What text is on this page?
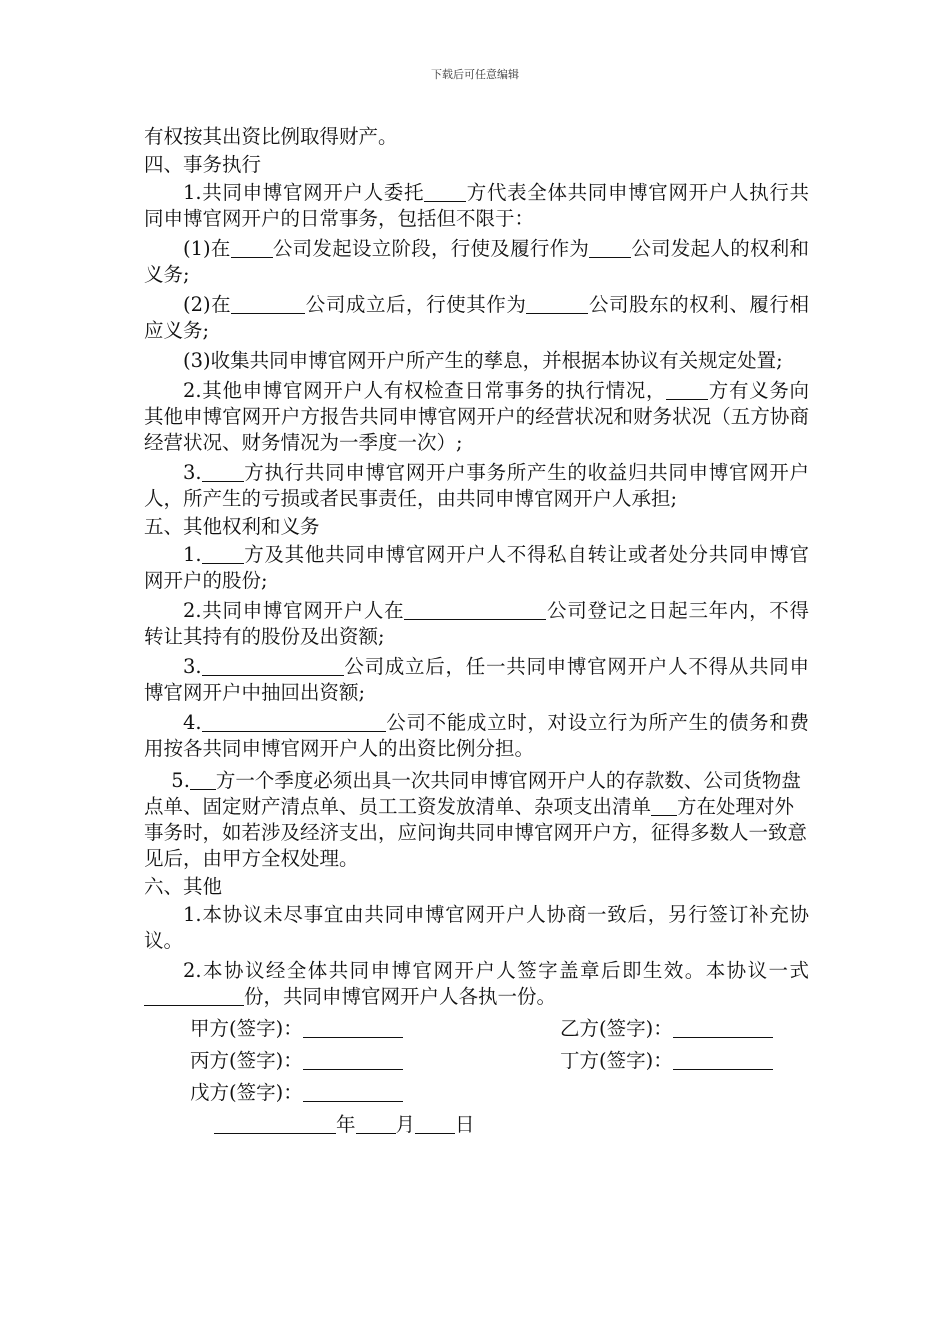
下载后可任意编辑

有权按其出资比例取得财产。

四、事务执行

1.共同申博官网开户人委托 方代表全体共同申博官网开户人执行共同申博官网开户的日常事务，包括但不限于：

(1)在 公司发起设立阶段，行使及履行作为 公司发起人的权利和义务;

(2)在	公司成立后，行使其作为	公司股东的权利、履行相应义务;

(3)收集共同申博官网开户所产生的孳息，并根据本协议有关规定处置;

2.其他申博官网开户人有权检查日常事务的执行情况， 方有义务向其他申博官网开户方报告共同申博官网开户的经营状况和财务状况（五方协商经营状况、财务情况为一季度一次）;

3. 方执行共同申博官网开户事务所产生的收益归共同申博官网开户人，所产生的亏损或者民事责任，由共同申博官网开户人承担;

五、其他权利和义务

1. 方及其他共同申博官网开户人不得私自转让或者处分共同申博官网开户的股份;

2.共同申博官网开户人在	公司登记之日起三年内，不得转让其持有的股份及出资额;

3.	公司成立后，任一共同申博官网开户人不得从共同申博官网开户中抽回出资额;

4.	公司不能成立时，对设立行为所产生的债务和费用按各共同申博官网开户人的出资比例分担。

5. 方一个季度必须出具一次共同申博官网开户人的存款数、公司货物盘点单、固定财产清点单、员工工资发放清单、杂项支出清单 方在处理对外事务时，如若涉及经济支出，应问询共同申博官网开户方，征得多数人一致意见后，由甲方全权处理。

六、其他

1.本协议未尽事宜由共同申博官网开户人协商一致后，另行签订补充协议。

2.本协议经全体共同申博官网开户人签字盖章后即生效。本协议一式份，共同申博官网开户人各执一份。

甲方(签字)：	乙方(签字)：
丙方(签字)：	丁方(签字)：
戊方(签字)：
年 月 日
